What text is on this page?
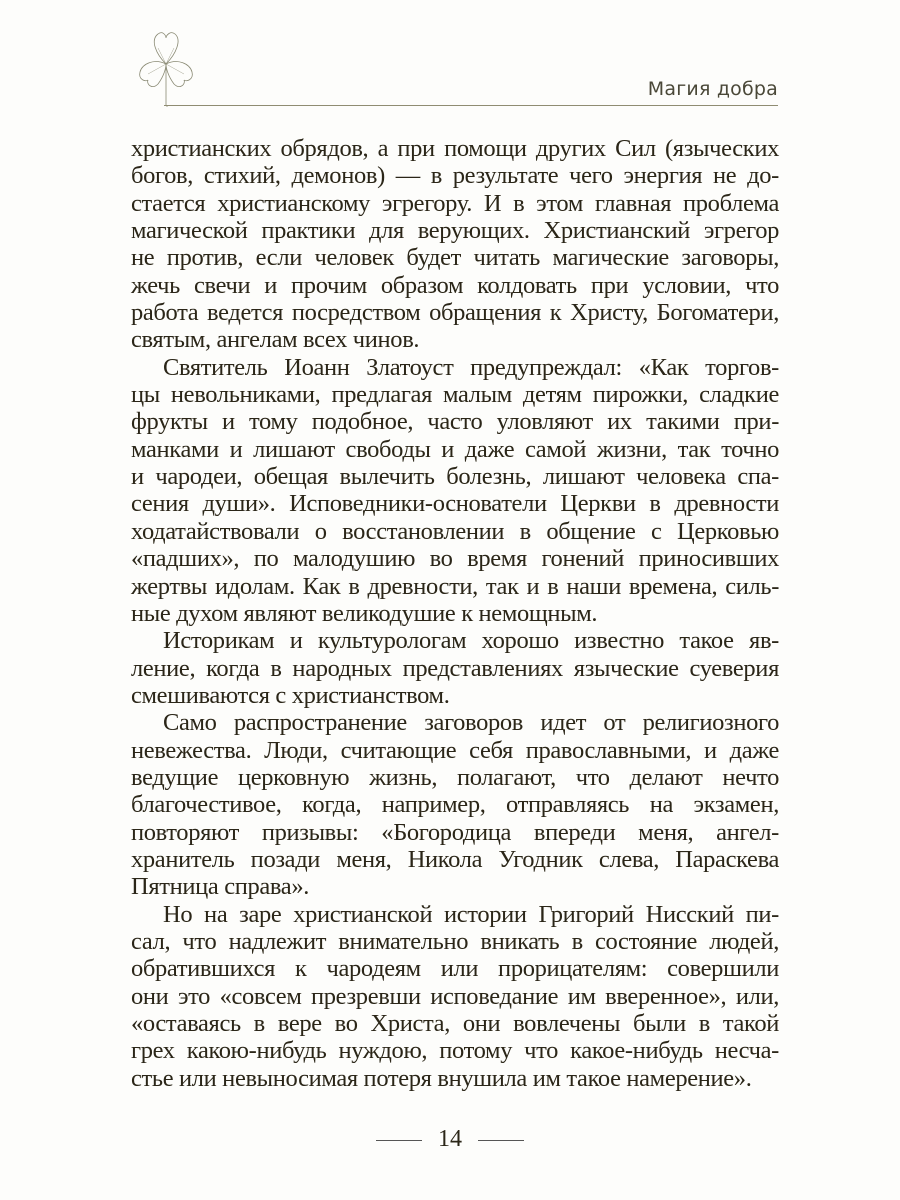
Магия добра
христианских обрядов, а при помощи других Сил (языческих
богов, стихий, демонов) — в результате чего энергия не до-
стается христианскому эгрегору. И в этом главная проблема
магической практики для верующих. Христианский эгрегор
не против, если человек будет читать магические заговоры,
жечь свечи и прочим образом колдовать при условии, что
работа ведется посредством обращения к Христу, Богоматери,
святым, ангелам всех чинов.
Святитель Иоанн Златоуст предупреждал: «Как торгов-
цы невольниками, предлагая малым детям пирожки, сладкие
фрукты и тому подобное, часто уловляют их такими при-
манками и лишают свободы и даже самой жизни, так точно
и чародеи, обещая вылечить болезнь, лишают человека спа-
сения души». Исповедники-основатели Церкви в древности
ходатайствовали о восстановлении в общение с Церковью
«падших», по малодушию во время гонений приносивших
жертвы идолам. Как в древности, так и в наши времена, силь-
ные духом являют великодушие к немощным.
Историкам и культурологам хорошо известно такое яв-
ление, когда в народных представлениях языческие суеверия
смешиваются с христианством.
Само распространение заговоров идет от религиозного
невежества. Люди, считающие себя православными, и даже
ведущие церковную жизнь, полагают, что делают нечто
благочестивое, когда, например, отправляясь на экзамен,
повторяют призывы: «Богородица впереди меня, ангел-
хранитель позади меня, Никола Угодник слева, Параскева
Пятница справа».
Но на заре христианской истории Григорий Нисский пи-
сал, что надлежит внимательно вникать в состояние людей,
обратившихся к чародеям или прорицателям: совершили
они это «совсем презревши исповедание им вверенное», или,
«оставаясь в вере во Христа, они вовлечены были в такой
грех какою-нибудь нуждою, потому что какое-нибудь несча-
стье или невыносимая потеря внушила им такое намерение».
14
